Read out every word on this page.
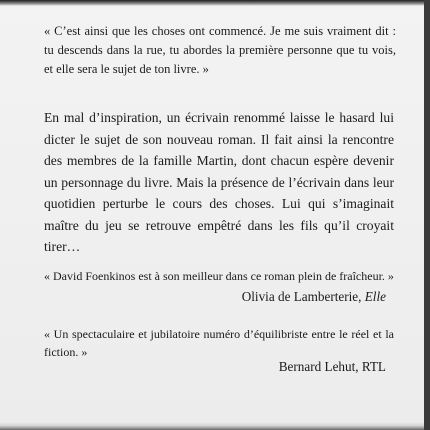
« C’est ainsi que les choses ont commencé. Je me suis vraiment dit : tu descends dans la rue, tu abordes la première personne que tu vois, et elle sera le sujet de ton livre. »

En mal d’inspiration, un écrivain renommé laisse le hasard lui dicter le sujet de son nouveau roman. Il fait ainsi la rencontre des membres de la famille Martin, dont chacun espère devenir un personnage du livre. Mais la présence de l’écrivain dans leur quotidien perturbe le cours des choses. Lui qui s’imaginait maître du jeu se retrouve empêtré dans les fils qu’il croyait tirer…

« David Foenkinos est à son meilleur dans ce roman plein de fraîcheur. »

Olivia de Lamberterie, Elle

« Un spectaculaire et jubilatoire numéro d’équilibriste entre le réel et la fiction. »

Bernard Lehut, RTL
